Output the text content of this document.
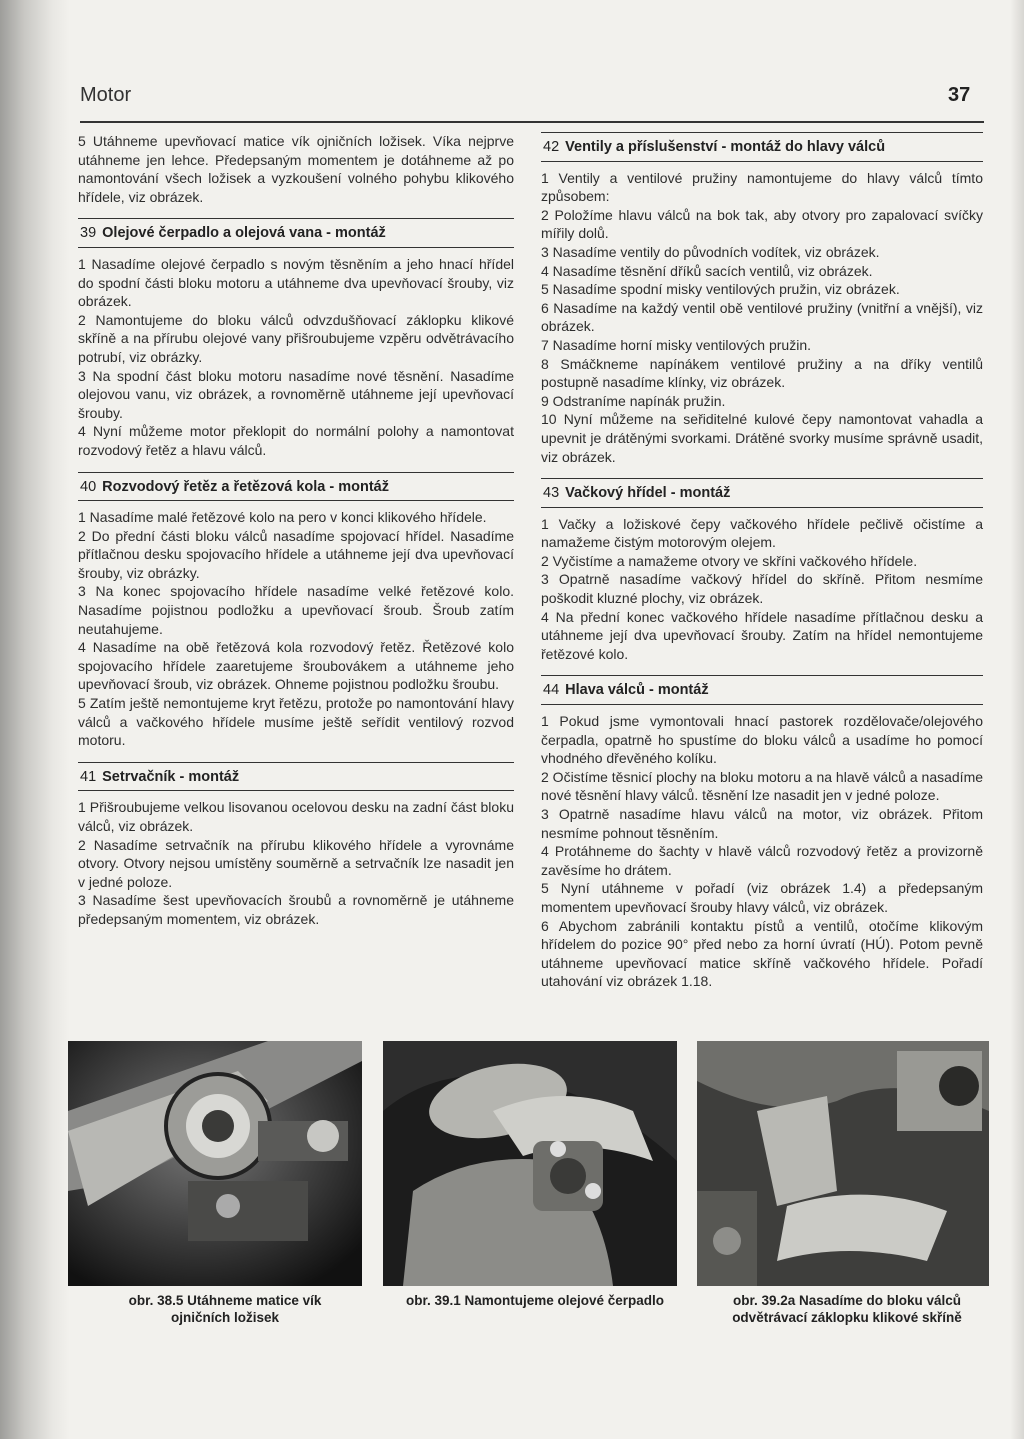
Motor	37

5 Utáhneme upevňovací matice vík ojničních ložisek. Víka nejprve utáhneme jen lehce. Předepsaným momentem je dotáhneme až po namontování všech ložisek a vyzkoušení volného pohybu klikového hřídele, viz obrázek.

39 Olejové čerpadlo a olejová vana - montáž

1 Nasadíme olejové čerpadlo s novým těsněním a jeho hnací hřídel do spodní části bloku motoru a utáhneme dva upevňovací šrouby, viz obrázek.

2 Namontujeme do bloku válců odvzdušňovací záklopku klikové skříně a na přírubu olejové vany přišroubujeme vzpěru odvětrávacího potrubí, viz obrázky.

3 Na spodní část bloku motoru nasadíme nové těsnění. Nasadíme olejovou vanu, viz obrázek, a rovnoměrně utáhneme její upevňovací šrouby.

4 Nyní můžeme motor překlopit do normální polohy a namontovat rozvodový řetěz a hlavu válců.

40 Rozvodový řetěz a řetězová kola - montáž

1 Nasadíme malé řetězové kolo na pero v konci klikového hřídele.

2 Do přední části bloku válců nasadíme spojovací hřídel. Nasadíme přítlačnou desku spojovacího hřídele a utáhneme její dva upevňovací šrouby, viz obrázky.

3 Na konec spojovacího hřídele nasadíme velké řetězové kolo. Nasadíme pojistnou podložku a upevňovací šroub. Šroub zatím neutahujeme.

4 Nasadíme na obě řetězová kola rozvodový řetěz. Řetězové kolo spojovacího hřídele zaaretujeme šroubovákem a utáhneme jeho upevňovací šroub, viz obrázek. Ohneme pojistnou podložku šroubu.

5 Zatím ještě nemontujeme kryt řetězu, protože po namontování hlavy válců a vačkového hřídele musíme ještě seřídit ventilový rozvod motoru.

41 Setrvačník - montáž

1 Přišroubujeme velkou lisovanou ocelovou desku na zadní část bloku válců, viz obrázek.

2 Nasadíme setrvačník na přírubu klikového hřídele a vyrovnáme otvory. Otvory nejsou umístěny souměrně a setrvačník lze nasadit jen v jedné poloze.

3 Nasadíme šest upevňovacích šroubů a rovnoměrně je utáhneme předepsaným momentem, viz obrázek.

42 Ventily a příslušenství - montáž do hlavy válců

1 Ventily a ventilové pružiny namontujeme do hlavy válců tímto způsobem:

2 Položíme hlavu válců na bok tak, aby otvory pro zapalovací svíčky mířily dolů.

3 Nasadíme ventily do původních vodítek, viz obrázek.

4 Nasadíme těsnění dříků sacích ventilů, viz obrázek.

5 Nasadíme spodní misky ventilových pružin, viz obrázek.

6 Nasadíme na každý ventil obě ventilové pružiny (vnitřní a vnější), viz obrázek.

7 Nasadíme horní misky ventilových pružin.

8 Smáčkneme napínákem ventilové pružiny a na dříky ventilů postupně nasadíme klínky, viz obrázek.

9 Odstraníme napínák pružin.

10 Nyní můžeme na seřiditelné kulové čepy namontovat vahadla a upevnit je drátěnými svorkami. Drátěné svorky musíme správně usadit, viz obrázek.

43 Vačkový hřídel - montáž

1 Vačky a ložiskové čepy vačkového hřídele pečlivě očistíme a namažeme čistým motorovým olejem.

2 Vyčistíme a namažeme otvory ve skříni vačkového hřídele.

3 Opatrně nasadíme vačkový hřídel do skříně. Přitom nesmíme poškodit kluzné plochy, viz obrázek.

4 Na přední konec vačkového hřídele nasadíme přítlačnou desku a utáhneme její dva upevňovací šrouby. Zatím na hřídel nemontujeme řetězové kolo.

44 Hlava válců - montáž

1 Pokud jsme vymontovali hnací pastorek rozdělovače/olejového čerpadla, opatrně ho spustíme do bloku válců a usadíme ho pomocí vhodného dřevěného kolíku.

2 Očistíme těsnicí plochy na bloku motoru a na hlavě válců a nasadíme nové těsnění hlavy válců. těsnění lze nasadit jen v jedné poloze.

3 Opatrně nasadíme hlavu válců na motor, viz obrázek. Přitom nesmíme pohnout těsněním.

4 Protáhneme do šachty v hlavě válců rozvodový řetěz a provizorně zavěsíme ho drátem.

5 Nyní utáhneme v pořadí (viz obrázek 1.4) a předepsaným momentem upevňovací šrouby hlavy válců, viz obrázek.

6 Abychom zabránili kontaktu pístů a ventilů, otočíme klikovým hřídelem do pozice 90° před nebo za horní úvratí (HÚ). Potom pevně utáhneme upevňovací matice skříně vačkového hřídele. Pořadí utahování viz obrázek 1.18.

obr. 38.5 Utáhneme matice vík ojničních ložisek
obr. 39.1 Namontujeme olejové čerpadlo	obr. 39.2a Nasadíme do bloku válců odvětrávací záklopku klikové skříně
